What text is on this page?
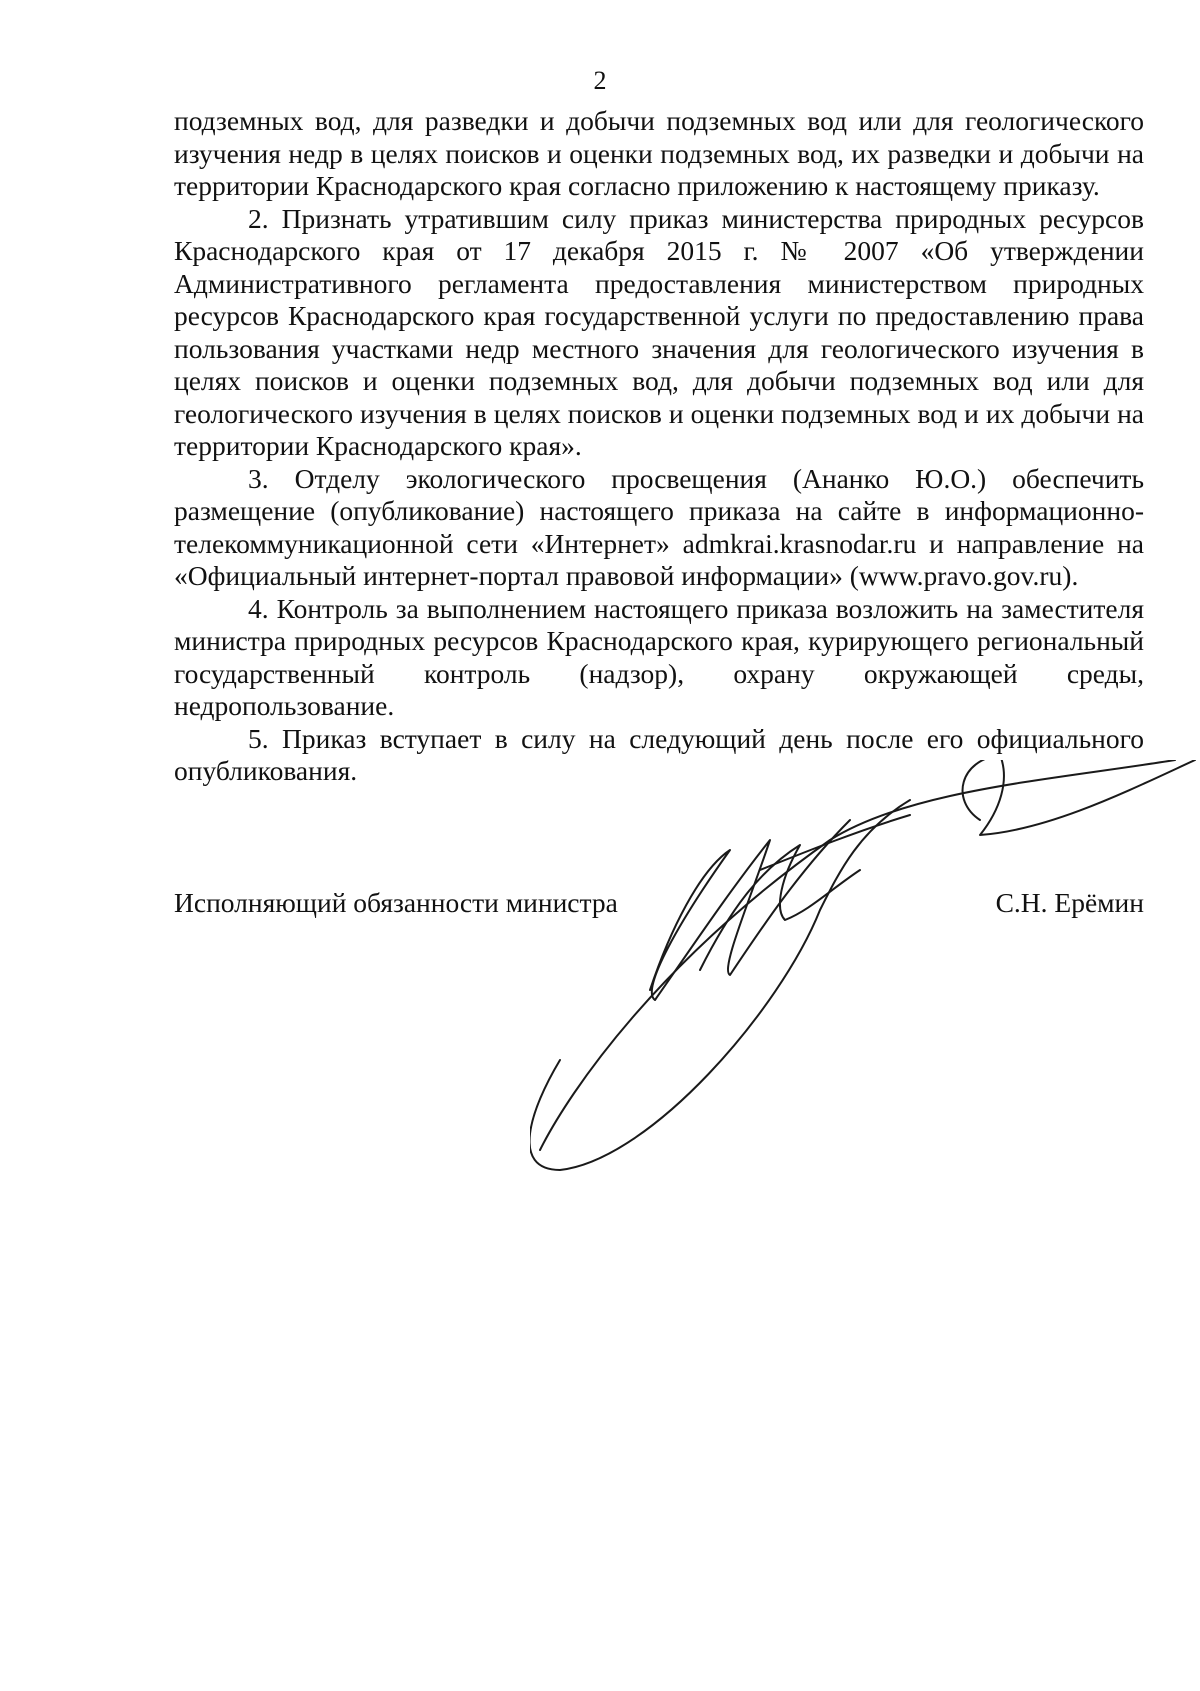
2

подземных вод, для разведки и добычи подземных вод или для геологического изучения недр в целях поисков и оценки подземных вод, их разведки и добычи на территории Краснодарского края согласно приложению к настоящему приказу.

2. Признать утратившим силу приказ министерства природных ресурсов Краснодарского края от 17 декабря 2015 г. № 2007 «Об утверждении Административного регламента предоставления министерством природных ресурсов Краснодарского края государственной услуги по предоставлению права пользования участками недр местного значения для геологического изучения в целях поисков и оценки подземных вод, для добычи подземных вод или для геологического изучения в целях поисков и оценки подземных вод и их добычи на территории Краснодарского края».

3. Отделу экологического просвещения (Ананко Ю.О.) обеспечить размещение (опубликование) настоящего приказа на сайте в информационно-телекоммуникационной сети «Интернет» admkrai.krasnodar.ru и направление на «Официальный интернет-портал правовой информации» (www.pravo.gov.ru).

4. Контроль за выполнением настоящего приказа возложить на заместителя министра природных ресурсов Краснодарского края, курирующего региональный государственный контроль (надзор), охрану окружающей среды, недропользование.

5. Приказ вступает в силу на следующий день после его официального опубликования.

Исполняющий обязанности министра	С.Н. Ерёмин
